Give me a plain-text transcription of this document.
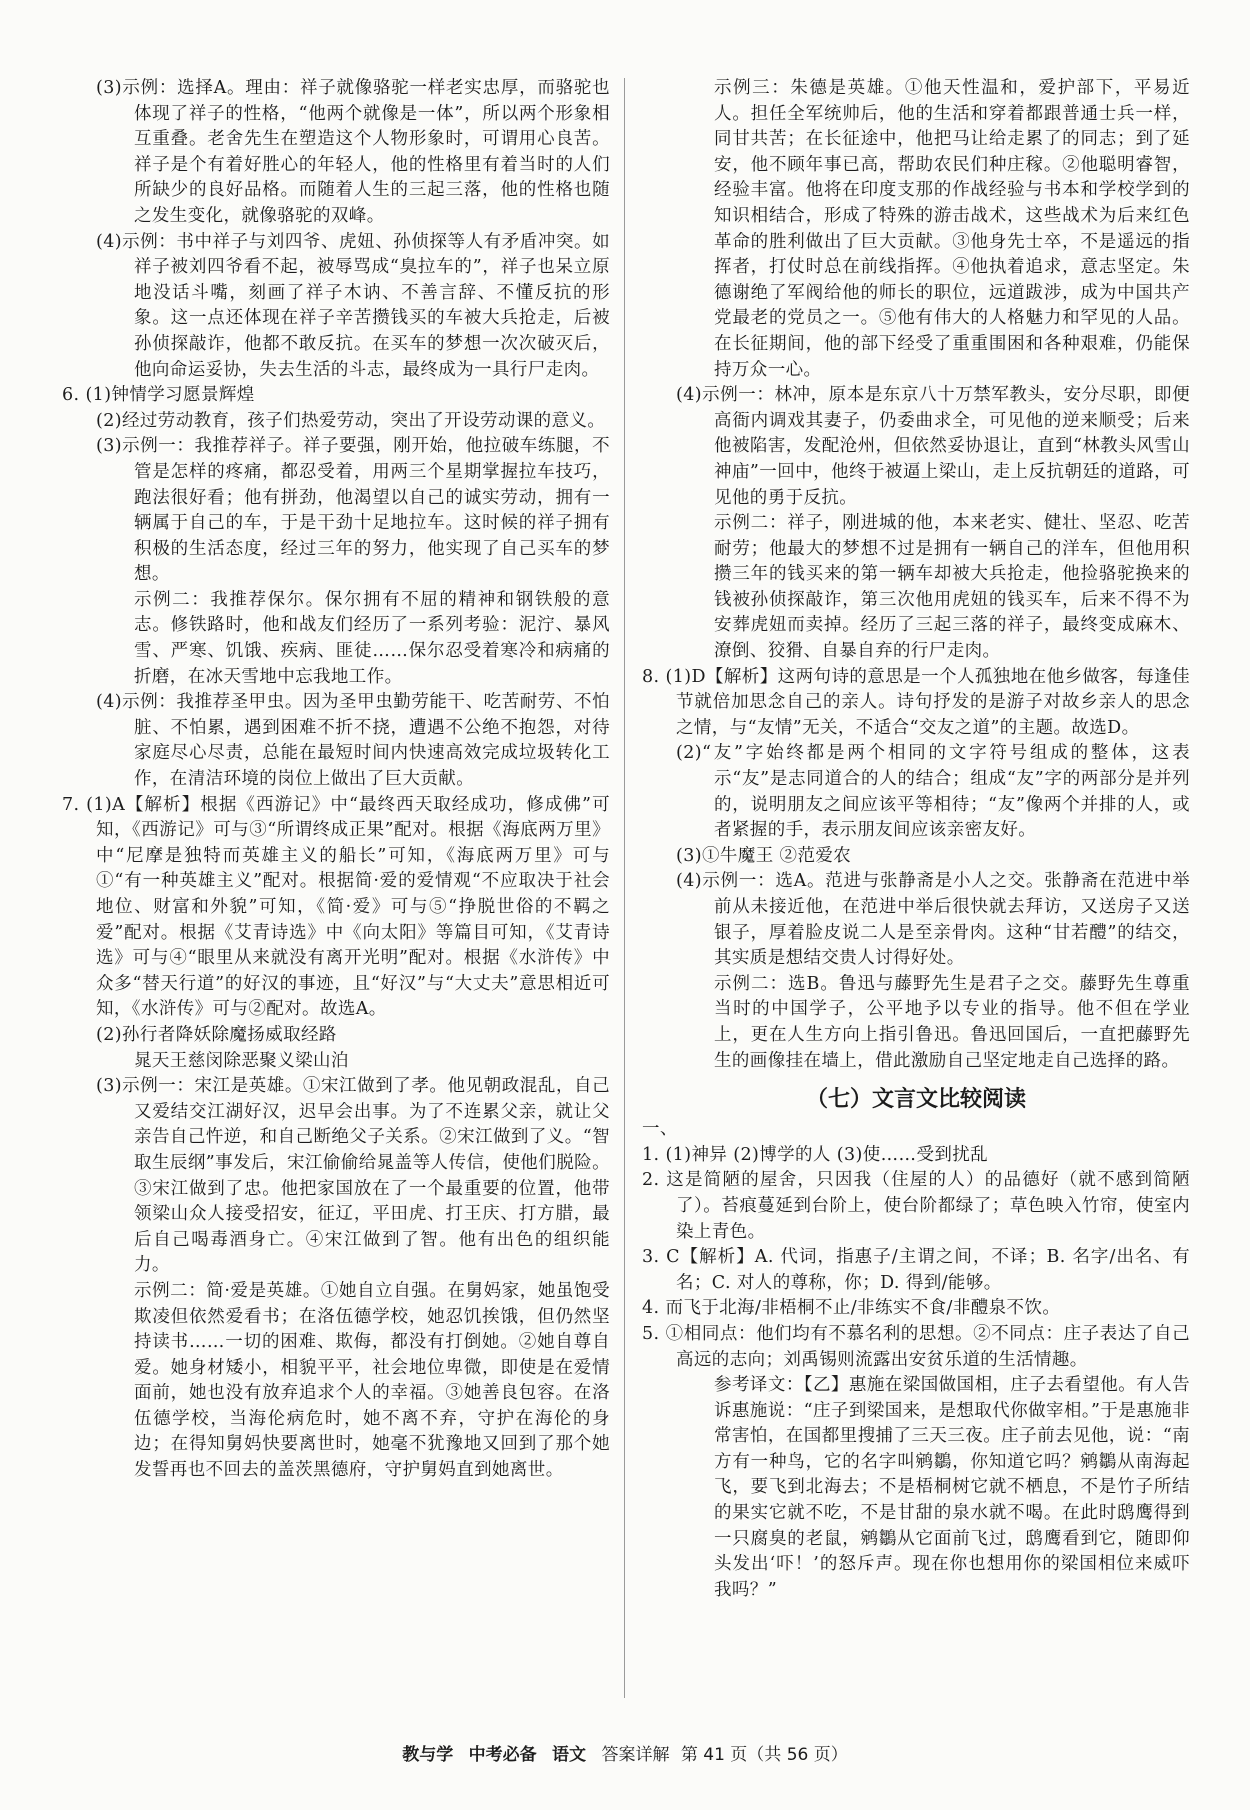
(3)示例：选择A。理由：祥子就像骆驼一样老实忠厚，而骆驼也体现了祥子的性格，“他两个就像是一体”，所以两个形象相互重叠。老舍先生在塑造这个人物形象时，可谓用心良苦。祥子是个有着好胜心的年轻人，他的性格里有着当时的人们所缺少的良好品格。而随着人生的三起三落，他的性格也随之发生变化，就像骆驼的双峰。

(4)示例：书中祥子与刘四爷、虎妞、孙侦探等人有矛盾冲突。如祥子被刘四爷看不起，被辱骂成“臭拉车的”，祥子也呆立原地没话斗嘴，刻画了祥子木讷、不善言辞、不懂反抗的形象。这一点还体现在祥子辛苦攒钱买的车被大兵抢走，后被孙侦探敲诈，他都不敢反抗。在买车的梦想一次次破灭后，他向命运妥协，失去生活的斗志，最终成为一具行尸走肉。

6. (1)钟情学习愿景辉煌

(2)经过劳动教育，孩子们热爱劳动，突出了开设劳动课的意义。

(3)示例一：我推荐祥子。祥子要强，刚开始，他拉破车练腿，不管是怎样的疼痛，都忍受着，用两三个星期掌握拉车技巧，跑法很好看；他有拼劲，他渴望以自己的诚实劳动，拥有一辆属于自己的车，于是干劲十足地拉车。这时候的祥子拥有积极的生活态度，经过三年的努力，他实现了自己买车的梦想。

示例二：我推荐保尔。保尔拥有不屈的精神和钢铁般的意志。修铁路时，他和战友们经历了一系列考验：泥泞、暴风雪、严寒、饥饿、疾病、匪徒……保尔忍受着寒冷和病痛的折磨，在冰天雪地中忘我地工作。

(4)示例：我推荐圣甲虫。因为圣甲虫勤劳能干、吃苦耐劳、不怕脏、不怕累，遇到困难不折不挠，遭遇不公绝不抱怨，对待家庭尽心尽责，总能在最短时间内快速高效完成垃圾转化工作，在清洁环境的岗位上做出了巨大贡献。

7. (1)A【解析】根据《西游记》中“最终西天取经成功，修成佛”可知，《西游记》可与③“所谓终成正果”配对。根据《海底两万里》中“尼摩是独特而英雄主义的船长”可知，《海底两万里》可与①“有一种英雄主义”配对。根据简·爱的爱情观“不应取决于社会地位、财富和外貌”可知，《简·爱》可与⑤“挣脱世俗的不羁之爱”配对。根据《艾青诗选》中《向太阳》等篇目可知，《艾青诗选》可与④“眼里从来就没有离开光明”配对。根据《水浒传》中众多“替天行道”的好汉的事迹，且“好汉”与“大丈夫”意思相近可知，《水浒传》可与②配对。故选A。

(2)孙行者降妖除魔扬威取经路

晁天王慈闵除恶聚义梁山泊

(3)示例一：宋江是英雄。①宋江做到了孝。他见朝政混乱，自己又爱结交江湖好汉，迟早会出事。为了不连累父亲，就让父亲告自己忤逆，和自己断绝父子关系。②宋江做到了义。“智取生辰纲”事发后，宋江偷偷给晁盖等人传信，使他们脱险。③宋江做到了忠。他把家国放在了一个最重要的位置，他带领梁山众人接受招安，征辽，平田虎、打王庆、打方腊，最后自己喝毒酒身亡。④宋江做到了智。他有出色的组织能力。

示例二：简·爱是英雄。①她自立自强。在舅妈家，她虽饱受欺凌但依然爱看书；在洛伍德学校，她忍饥挨饿，但仍然坚持读书……一切的困难、欺侮，都没有打倒她。②她自尊自爱。她身材矮小，相貌平平，社会地位卑微，即使是在爱情面前，她也没有放弃追求个人的幸福。③她善良包容。在洛伍德学校，当海伦病危时，她不离不弃，守护在海伦的身边；在得知舅妈快要离世时，她毫不犹豫地又回到了那个她发誓再也不回去的盖茨黑德府，守护舅妈直到她离世。

示例三：朱德是英雄。①他天性温和，爱护部下，平易近人。担任全军统帅后，他的生活和穿着都跟普通士兵一样，同甘共苦；在长征途中，他把马让给走累了的同志；到了延安，他不顾年事已高，帮助农民们种庄稼。②他聪明睿智，经验丰富。他将在印度支那的作战经验与书本和学校学到的知识相结合，形成了特殊的游击战术，这些战术为后来红色革命的胜利做出了巨大贡献。③他身先士卒，不是遥远的指挥者，打仗时总在前线指挥。④他执着追求，意志坚定。朱德谢绝了军阀给他的师长的职位，远道跋涉，成为中国共产党最老的党员之一。⑤他有伟大的人格魅力和罕见的人品。在长征期间，他的部下经受了重重围困和各种艰难，仍能保持万众一心。

(4)示例一：林冲，原本是东京八十万禁军教头，安分尽职，即便高衙内调戏其妻子，仍委曲求全，可见他的逆来顺受；后来他被陷害，发配沧州，但依然妥协退让，直到“林教头风雪山神庙”一回中，他终于被逼上梁山，走上反抗朝廷的道路，可见他的勇于反抗。

示例二：祥子，刚进城的他，本来老实、健壮、坚忍、吃苦耐劳；他最大的梦想不过是拥有一辆自己的洋车，但他用积攒三年的钱买来的第一辆车却被大兵抢走，他捡骆驼换来的钱被孙侦探敲诈，第三次他用虎妞的钱买车，后来不得不为安葬虎妞而卖掉。经历了三起三落的祥子，最终变成麻木、潦倒、狡猾、自暴自弃的行尸走肉。

8. (1)D【解析】这两句诗的意思是一个人孤独地在他乡做客，每逢佳节就倍加思念自己的亲人。诗句抒发的是游子对故乡亲人的思念之情，与“友情”无关，不适合“交友之道”的主题。故选D。

(2)“友”字始终都是两个相同的文字符号组成的整体，这表示“友”是志同道合的人的结合；组成“友”字的两部分是并列的，说明朋友之间应该平等相待；“友”像两个并排的人，或者紧握的手，表示朋友间应该亲密友好。

(3)①牛魔王 ②范爱农

(4)示例一：选A。范进与张静斋是小人之交。张静斋在范进中举前从未接近他，在范进中举后很快就去拜访，又送房子又送银子，厚着脸皮说二人是至亲骨肉。这种“甘若醴”的结交，其实质是想结交贵人讨得好处。

示例二：选B。鲁迅与藤野先生是君子之交。藤野先生尊重当时的中国学子，公平地予以专业的指导。他不但在学业上，更在人生方向上指引鲁迅。鲁迅回国后，一直把藤野先生的画像挂在墙上，借此激励自己坚定地走自己选择的路。

（七）文言文比较阅读

一、

1. (1)神异 (2)博学的人 (3)使……受到扰乱

2. 这是简陋的屋舍，只因我（住屋的人）的品德好（就不感到简陋了）。苔痕蔓延到台阶上，使台阶都绿了；草色映入竹帘，使室内染上青色。

3. C【解析】A. 代词，指惠子/主谓之间，不译；B. 名字/出名、有名；C. 对人的尊称，你；D. 得到/能够。

4. 而飞于北海/非梧桐不止/非练实不食/非醴泉不饮。

5. ①相同点：他们均有不慕名利的思想。②不同点：庄子表达了自己高远的志向；刘禹锡则流露出安贫乐道的生活情趣。

参考译文：【乙】惠施在梁国做国相，庄子去看望他。有人告诉惠施说：“庄子到梁国来，是想取代你做宰相。”于是惠施非常害怕，在国都里搜捕了三天三夜。庄子前去见他，说：“南方有一种鸟，它的名字叫鹓鶵，你知道它吗？鹓鶵从南海起飞，要飞到北海去；不是梧桐树它就不栖息，不是竹子所结的果实它就不吃，不是甘甜的泉水就不喝。在此时鸱鹰得到一只腐臭的老鼠，鹓鶵从它面前飞过，鸱鹰看到它，随即仰头发出‘吓！’的怒斥声。现在你也想用你的梁国相位来威吓我吗？”

教与学 中考必备 语文 答案详解 第 41 页（共 56 页）
